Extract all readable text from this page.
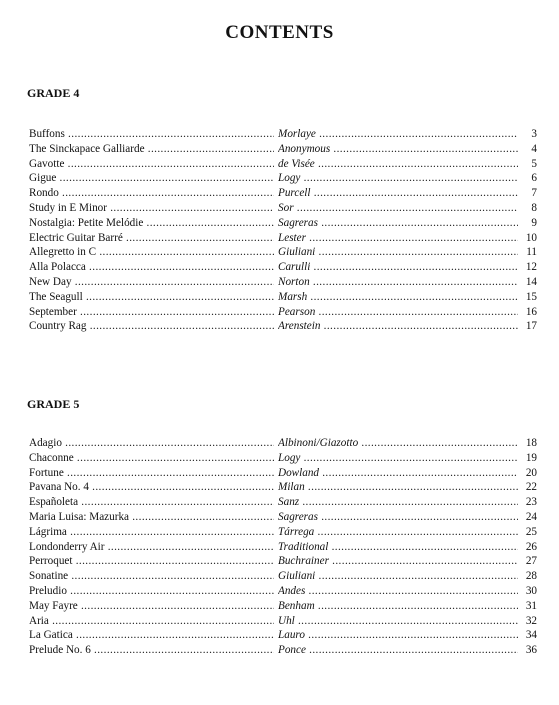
CONTENTS
GRADE 4
Buffons .....	Morlaye .....	3
The Sinckapace Galliarde .....	Anonymous .....	4
Gavotte .....	de Visée .....	5
Gigue .....	Logy .....	6
Rondo .....	Purcell .....	7
Study in E Minor .....	Sor .....	8
Nostalgia: Petite Melódie .....	Sagreras .....	9
Electric Guitar Barré .....	Lester .....	10
Allegretto in C .....	Giuliani .....	11
Alla Polacca .....	Carulli .....	12
New Day .....	Norton .....	14
The Seagull .....	Marsh .....	15
September .....	Pearson .....	16
Country Rag .....	Arenstein .....	17
GRADE 5
Adagio .....	Albinoni/Giazotto .....	18
Chaconne .....	Logy .....	19
Fortune .....	Dowland .....	20
Pavana No. 4 .....	Milan .....	22
Españoleta .....	Sanz .....	23
Maria Luisa: Mazurka .....	Sagreras .....	24
Lágrima .....	Tárrega .....	25
Londonderry Air .....	Traditional .....	26
Perroquet .....	Buchrainer .....	27
Sonatine .....	Giuliani .....	28
Preludio .....	Andes .....	30
May Fayre .....	Benham .....	31
Aria .....	Uhl .....	32
La Gatica .....	Lauro .....	34
Prelude No. 6 .....	Ponce .....	36
